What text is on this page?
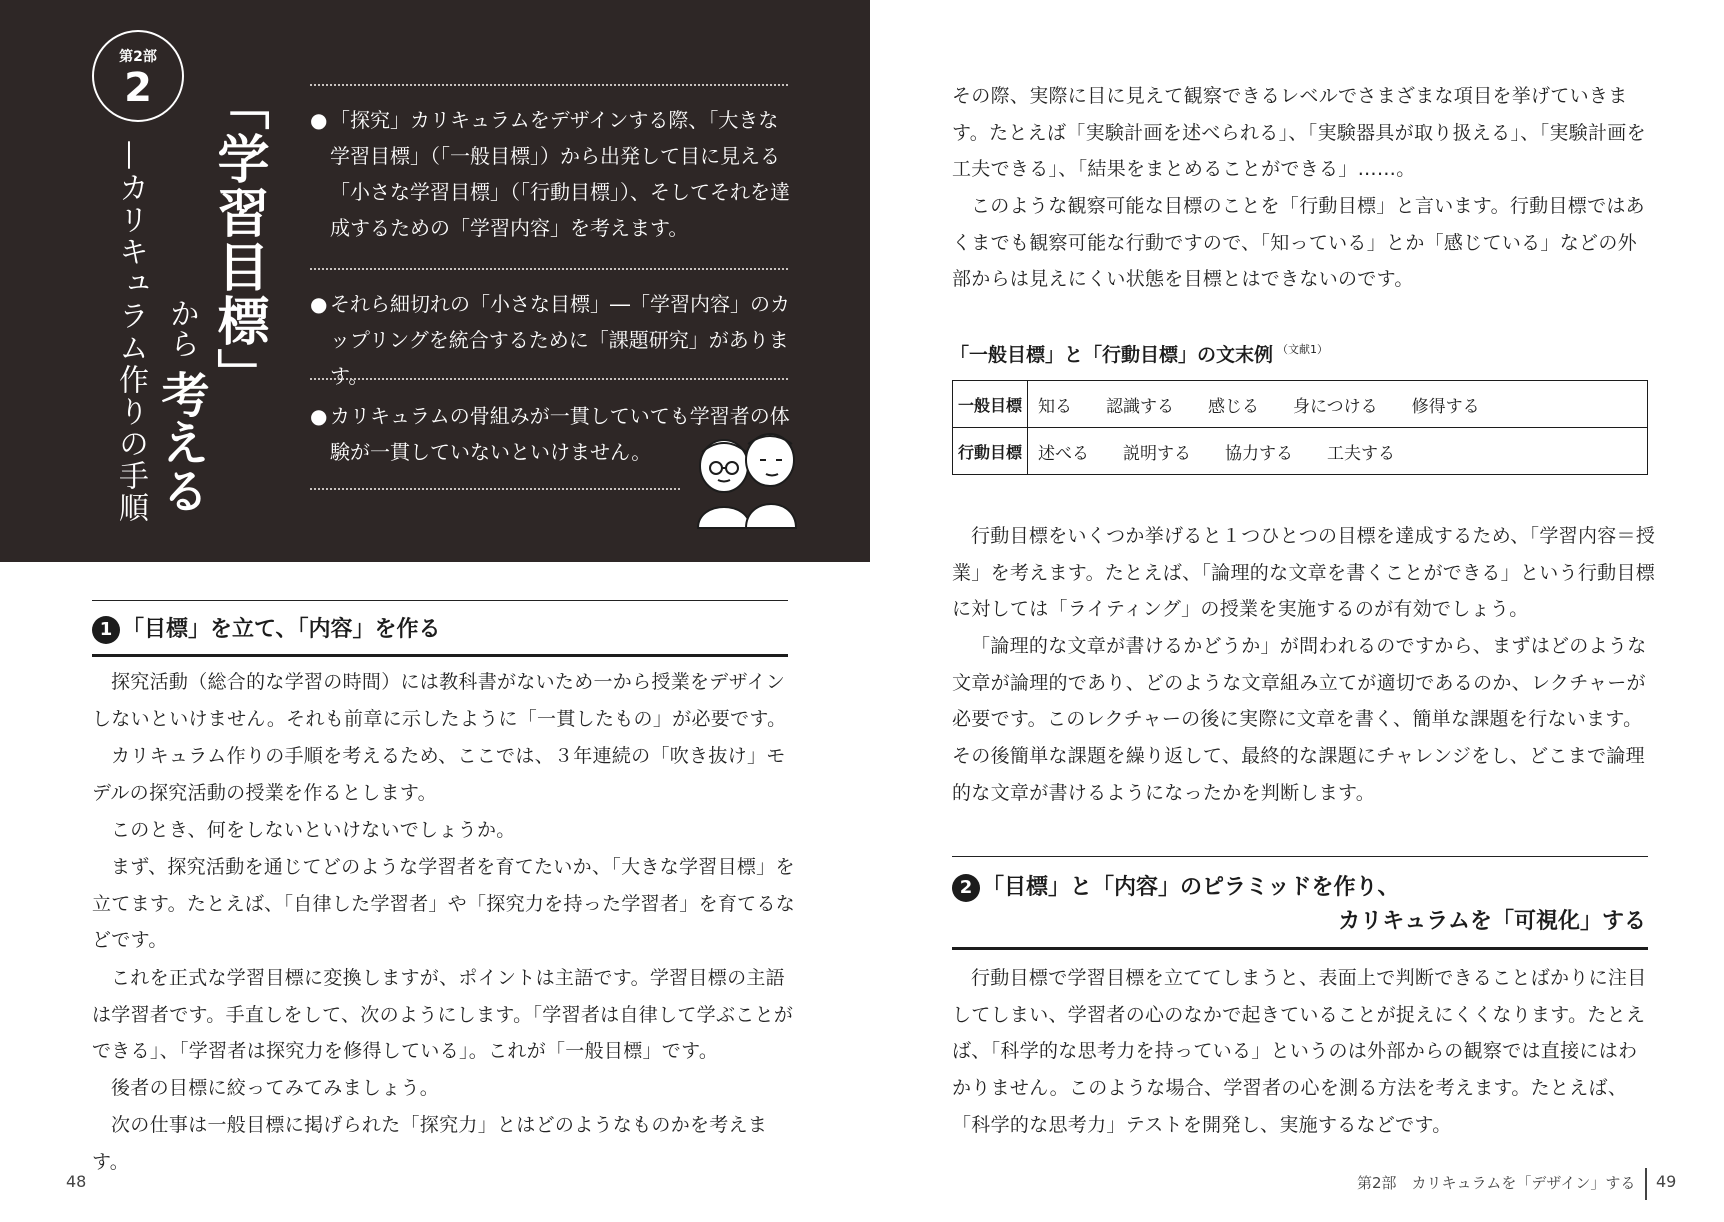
第2部
2	「学習目標」
から
考える
—カリキュラム作りの手順
● 「探究」カリキュラムをデザインする際、「大きな学習目標」（「一般目標」）から出発して目に見える「小さな学習目標」（「行動目標」）、そしてそれを達成するための「学習内容」を考えます。
● それら細切れの「小さな目標」―「学習内容」のカップリングを統合するために「課題研究」があります。
● カリキュラムの骨組みが一貫していても学習者の体験が一貫していないといけません。
1 「目標」を立て、「内容」を作る

探究活動（総合的な学習の時間）には教科書がないため一から授業をデザインしないといけません。それも前章に示したように「一貫したもの」が必要です。

カリキュラム作りの手順を考えるため、ここでは、３年連続の「吹き抜け」モデルの探究活動の授業を作るとします。

このとき、何をしないといけないでしょうか。

まず、探究活動を通じてどのような学習者を育てたいか、「大きな学習目標」を立てます。たとえば、「自律した学習者」や「探究力を持った学習者」を育てるなどです。

これを正式な学習目標に変換しますが、ポイントは主語です。学習目標の主語は学習者です。手直しをして、次のようにします。「学習者は自律して学ぶことができる」、「学習者は探究力を修得している」。これが「一般目標」です。

後者の目標に絞ってみてみましょう。

次の仕事は一般目標に掲げられた「探究力」とはどのようなものかを考えます。

その際、実際に目に見えて観察できるレベルでさまざまな項目を挙げていきます。たとえば「実験計画を述べられる」、「実験器具が取り扱える」、「実験計画を工夫できる」、「結果をまとめることができる」……。

このような観察可能な目標のことを「行動目標」と言います。行動目標ではあくまでも観察可能な行動ですので、「知っている」とか「感じている」などの外部からは見えにくい状態を目標とはできないのです。

「一般目標」と「行動目標」の文末例 $^{(文献1)}$
一般目標	知る 認識する 感じる 身につける 修得する
行動目標	述べる 説明する 協力する 工夫する

行動目標をいくつか挙げると１つひとつの目標を達成するため、「学習内容＝授業」を考えます。たとえば、「論理的な文章を書くことができる」という行動目標に対しては「ライティング」の授業を実施するのが有効でしょう。

「論理的な文章が書けるかどうか」が問われるのですから、まずはどのような文章が論理的であり、どのような文章組み立てが適切であるのか、レクチャーが必要です。このレクチャーの後に実際に文章を書く、簡単な課題を行ないます。その後簡単な課題を繰り返して、最終的な課題にチャレンジをし、どこまで論理的な文章が書けるようになったかを判断します。

2 「目標」と「内容」のピラミッドを作り、
カリキュラムを「可視化」する

行動目標で学習目標を立ててしまうと、表面上で判断できることばかりに注目してしまい、学習者の心のなかで起きていることが捉えにくくなります。たとえば、「科学的な思考力を持っている」というのは外部からの観察では直接にはわかりません。このような場合、学習者の心を測る方法を考えます。たとえば、「科学的な思考力」テストを開発し、実施するなどです。

48	第2部　カリキュラムを「デザイン」する 49
